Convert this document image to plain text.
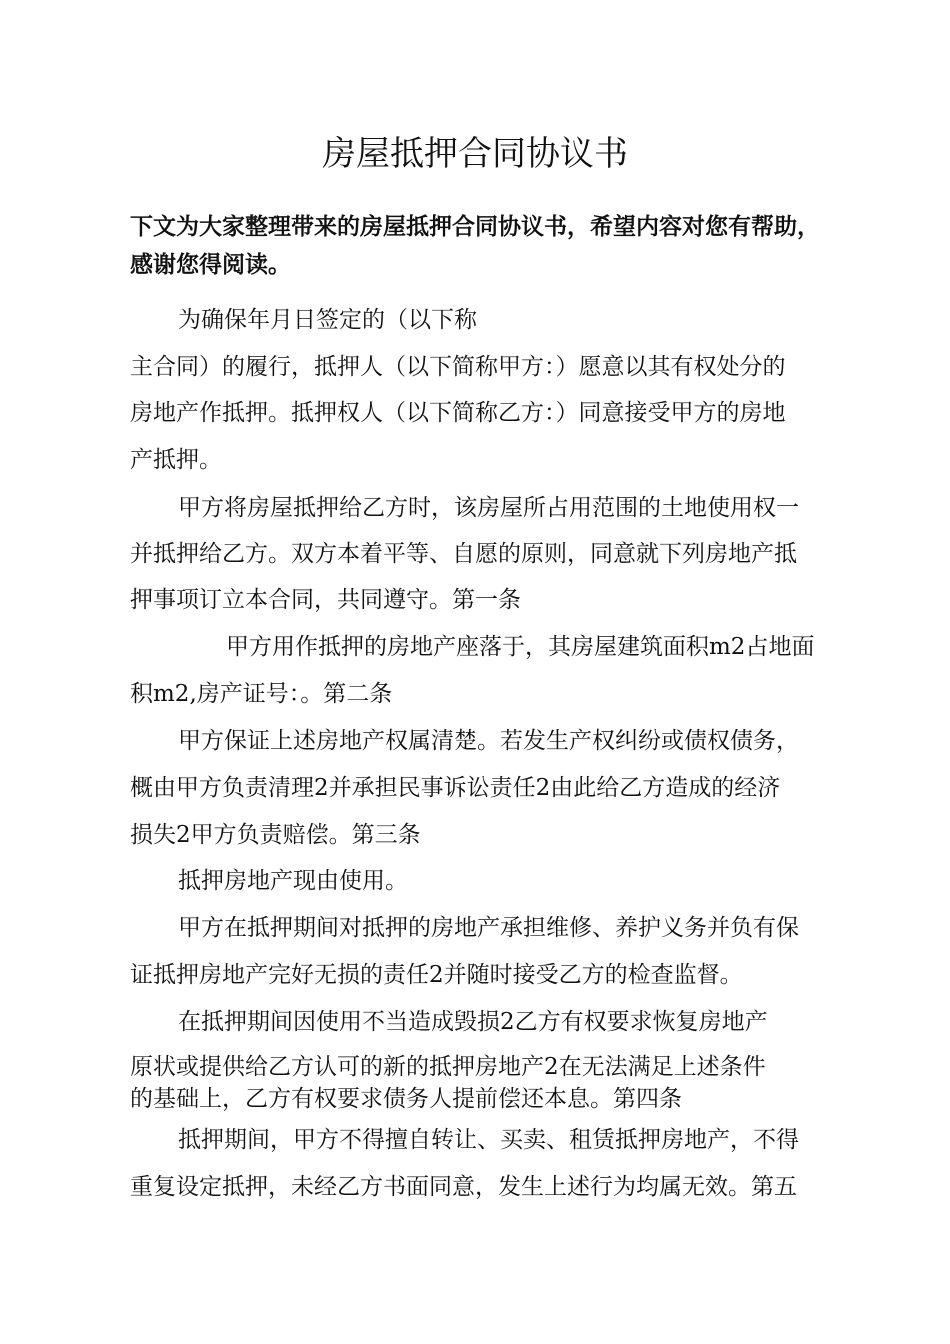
房屋抵押合同协议书

下文为大家整理带来的房屋抵押合同协议书，希望内容对您有帮助，感谢您得阅读。

为确保年月日签定的（以下称

主合同）的履行，抵押人（以下简称甲方：）愿意以其有权处分的

房地产作抵押。抵押权人（以下简称乙方：）同意接受甲方的房地

产抵押。

甲方将房屋抵押给乙方时，该房屋所占用范围的土地使用权一

并抵押给乙方。双方本着平等、自愿的原则，同意就下列房地产抵

押事项订立本合同，共同遵守。第一条

甲方用作抵押的房地产座落于，其房屋建筑面积m2占地面

积m2,房产证号：。第二条

甲方保证上述房地产权属清楚。若发生产权纠纷或债权债务，

概由甲方负责清理2并承担民事诉讼责任2由此给乙方造成的经济

损失2甲方负责赔偿。第三条

抵押房地产现由使用。

甲方在抵押期间对抵押的房地产承担维修、养护义务并负有保

证抵押房地产完好无损的责任2并随时接受乙方的检查监督。

在抵押期间因使用不当造成毁损2乙方有权要求恢复房地产

原状或提供给乙方认可的新的抵押房地产2在无法满足上述条件

的基础上，乙方有权要求债务人提前偿还本息。第四条

抵押期间，甲方不得擅自转让、买卖、租赁抵押房地产，不得

重复设定抵押，未经乙方书面同意，发生上述行为均属无效。第五
